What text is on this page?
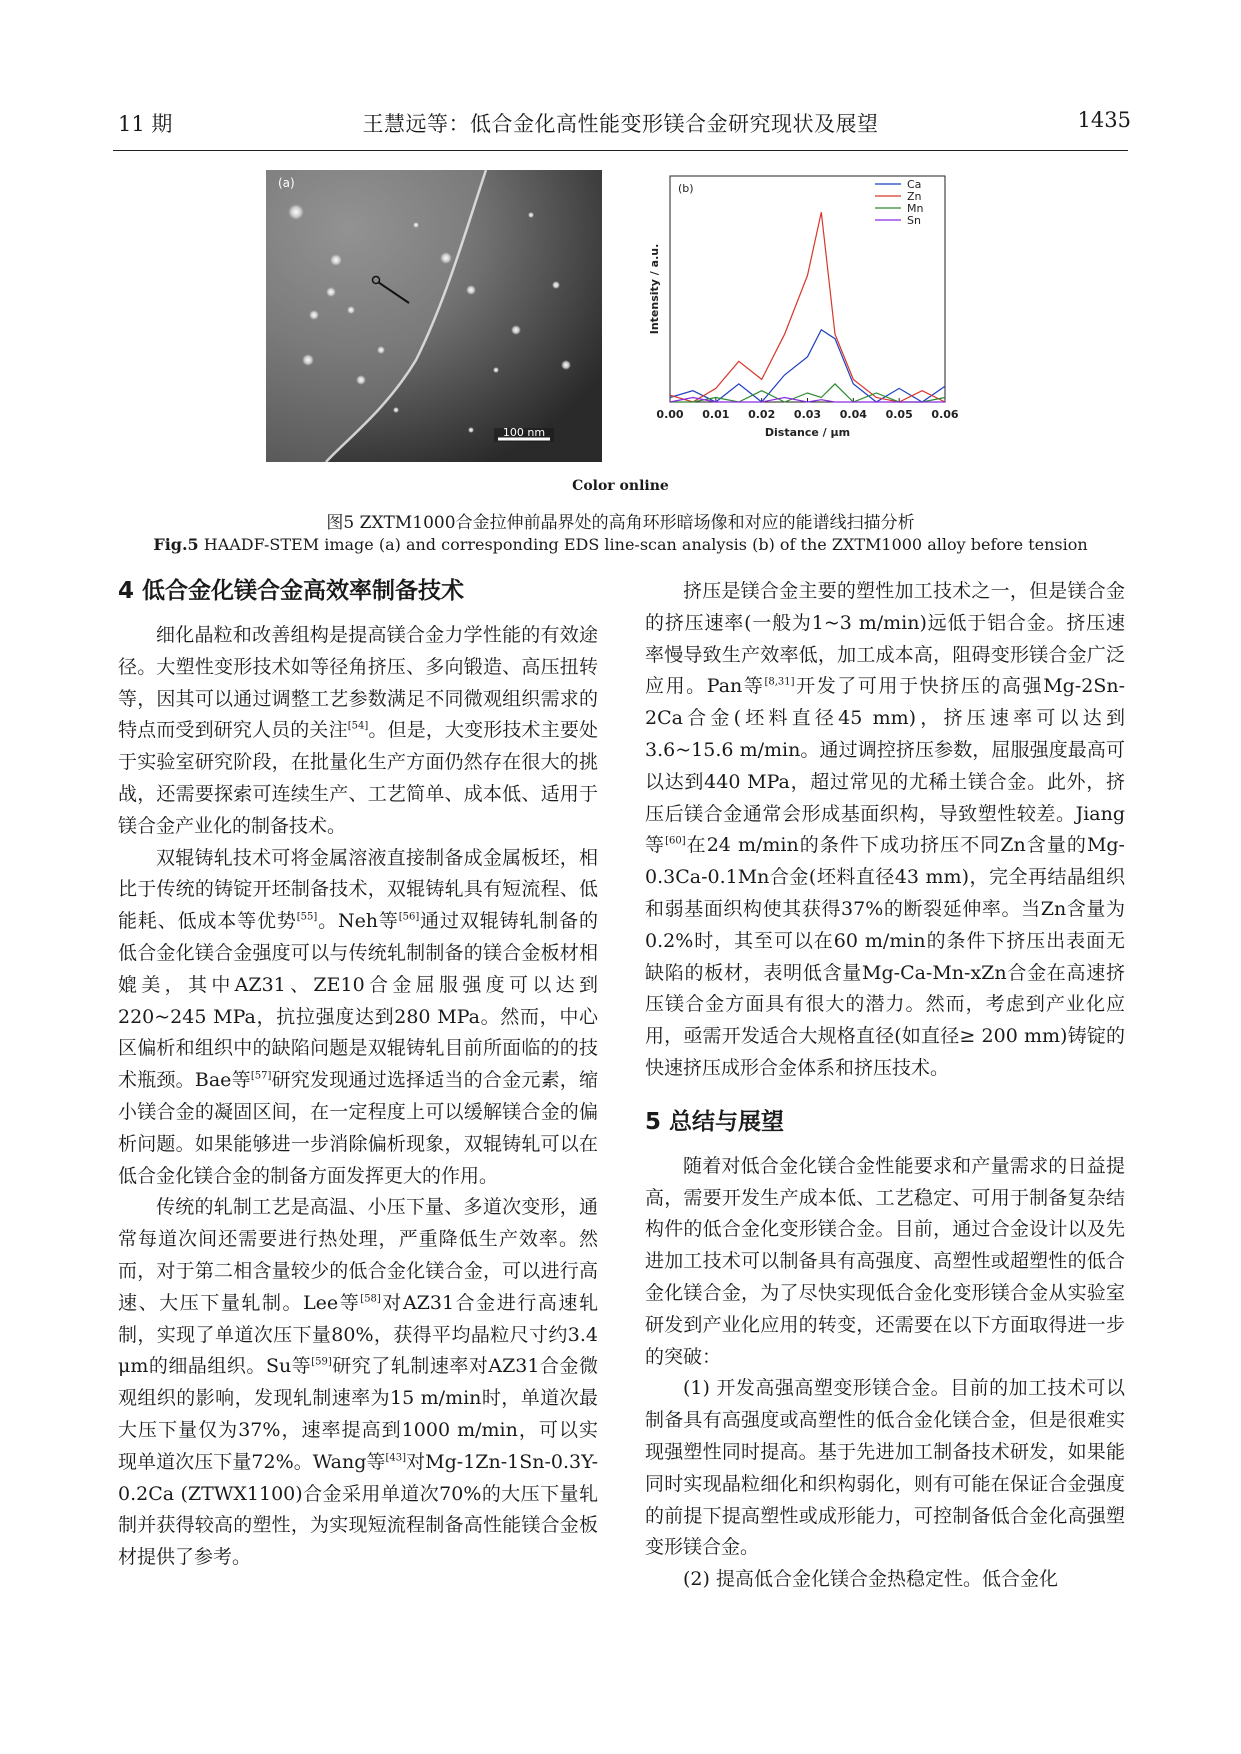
11 期	王慧远等：低合金化高性能变形镁合金研究现状及展望	1435
100 nm
(a)
0.00 0.01 0.02 0.03 0.04 0.05 0.06
Distance / μm
Intensity / a.u.
(b)	Ca
Zn
Mn
Sn
Color online
图5 ZXTM1000合金拉伸前晶界处的高角环形暗场像和对应的能谱线扫描分析
Fig.5 HAADF-STEM image (a) and corresponding EDS line-scan analysis (b) of the ZXTM1000 alloy before tension
4 低合金化镁合金高效率制备技术

细化晶粒和改善组构是提高镁合金力学性能的有效途径。大塑性变形技术如等径角挤压、多向锻造、高压扭转等，因其可以通过调整工艺参数满足不同微观组织需求的特点而受到研究人员的关注[54]。但是，大变形技术主要处于实验室研究阶段，在批量化生产方面仍然存在很大的挑战，还需要探索可连续生产、工艺简单、成本低、适用于镁合金产业化的制备技术。

双辊铸轧技术可将金属溶液直接制备成金属板坯，相比于传统的铸锭开坯制备技术，双辊铸轧具有短流程、低能耗、低成本等优势[55]。Neh等[56]通过双辊铸轧制备的低合金化镁合金强度可以与传统轧制制备的镁合金板材相媲美，其中AZ31、ZE10合金屈服强度可以达到220~245 MPa，抗拉强度达到280 MPa。然而，中心区偏析和组织中的缺陷问题是双辊铸轧目前所面临的的技术瓶颈。Bae等[57]研究发现通过选择适当的合金元素，缩小镁合金的凝固区间，在一定程度上可以缓解镁合金的偏析问题。如果能够进一步消除偏析现象，双辊铸轧可以在低合金化镁合金的制备方面发挥更大的作用。

传统的轧制工艺是高温、小压下量、多道次变形，通常每道次间还需要进行热处理，严重降低生产效率。然而，对于第二相含量较少的低合金化镁合金，可以进行高速、大压下量轧制。Lee等[58]对AZ31合金进行高速轧制，实现了单道次压下量80%，获得平均晶粒尺寸约3.4 μm的细晶组织。Su等[59]研究了轧制速率对AZ31合金微观组织的影响，发现轧制速率为15 m/min时，单道次最大压下量仅为37%，速率提高到1000 m/min，可以实现单道次压下量72%。Wang等[43]对Mg-1Zn-1Sn-0.3Y-0.2Ca (ZTWX1100)合金采用单道次70%的大压下量轧制并获得较高的塑性，为实现短流程制备高性能镁合金板材提供了参考。

挤压是镁合金主要的塑性加工技术之一，但是镁合金的挤压速率(一般为1~3 m/min)远低于铝合金。挤压速率慢导致生产效率低，加工成本高，阻碍变形镁合金广泛应用。Pan等[8,31]开发了可用于快挤压的高强Mg-2Sn-2Ca合金(坯料直径45 mm)，挤压速率可以达到3.6~15.6 m/min。通过调控挤压参数，屈服强度最高可以达到440 MPa，超过常见的尤稀土镁合金。此外，挤压后镁合金通常会形成基面织构，导致塑性较差。Jiang等[60]在24 m/min的条件下成功挤压不同Zn含量的Mg-0.3Ca-0.1Mn合金(坯料直径43 mm)，完全再结晶组织和弱基面织构使其获得37%的断裂延伸率。当Zn含量为0.2%时，其至可以在60 m/min的条件下挤压出表面无缺陷的板材，表明低含量Mg-Ca-Mn-xZn合金在高速挤压镁合金方面具有很大的潜力。然而，考虑到产业化应用，亟需开发适合大规格直径(如直径≥ 200 mm)铸锭的快速挤压成形合金体系和挤压技术。

5 总结与展望

随着对低合金化镁合金性能要求和产量需求的日益提高，需要开发生产成本低、工艺稳定、可用于制备复杂结构件的低合金化变形镁合金。目前，通过合金设计以及先进加工技术可以制备具有高强度、高塑性或超塑性的低合金化镁合金，为了尽快实现低合金化变形镁合金从实验室研发到产业化应用的转变，还需要在以下方面取得进一步的突破：

(1) 开发高强高塑变形镁合金。目前的加工技术可以制备具有高强度或高塑性的低合金化镁合金，但是很难实现强塑性同时提高。基于先进加工制备技术研发，如果能同时实现晶粒细化和织构弱化，则有可能在保证合金强度的前提下提高塑性或成形能力，可控制备低合金化高强塑变形镁合金。

(2) 提高低合金化镁合金热稳定性。低合金化
